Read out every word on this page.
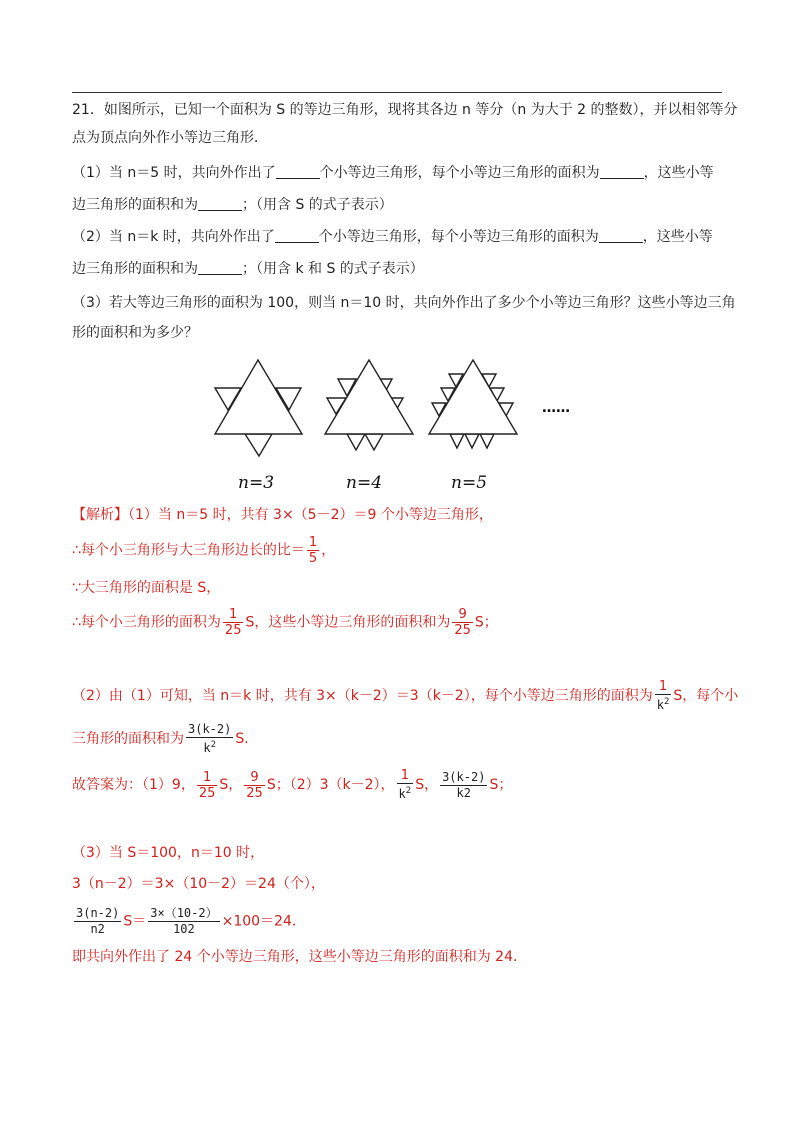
21．如图所示，已知一个面积为 S 的等边三角形，现将其各边 n 等分（n 为大于 2 的整数），并以相邻等分
点为顶点向外作小等边三角形．
（1）当 n＝5 时，共向外作出了	个小等边三角形，每个小等边三角形的面积为	，这些小等
边三角形的面积和为	；（用含 S 的式子表示）
（2）当 n＝k 时，共向外作出了	个小等边三角形，每个小等边三角形的面积为	，这些小等
边三角形的面积和为	；（用含 k 和 S 的式子表示）
（3）若大等边三角形的面积为 100，则当 n＝10 时，共向外作出了多少个小等边三角形？这些小等边三角
形的面积和为多少？
……
n=3	n=4	n=5
【解析】（1）当 n＝5 时，共有 3×（5－2）＝9 个小等边三角形，
∴每个小三角形与大三角形边长的比＝ $\frac{1}{5}$ ，
∵大三角形的面积是 S，
∴每个小三角形的面积为 $\frac{1}{25}$ S，这些小等边三角形的面积和为 $\frac{9}{25}$ S；
（2）由（1）可知，当 n＝k 时，共有 3×（k－2）＝3（k－2），每个小等边三角形的面积为 $\frac{1}{k^2}$ S，每个小
三角形的面积和为 $\frac{3(k-2)}{k^2}$ S．
故答案为：（1）9， $\frac{1}{25}$ S， $\frac{9}{25}$ S；（2）3（k－2）， $\frac{1}{k^2}$ S， $\frac{3(k-2)}{k2}$ S；
（3）当 S＝100，n＝10 时，
3（n－2）＝3×（10－2）＝24（个），
$\frac{3(n-2)}{n2} S= \frac{3\times(10-2)}{102} \times 100=24$．
即共向外作出了 24 个小等边三角形，这些小等边三角形的面积和为 24．
